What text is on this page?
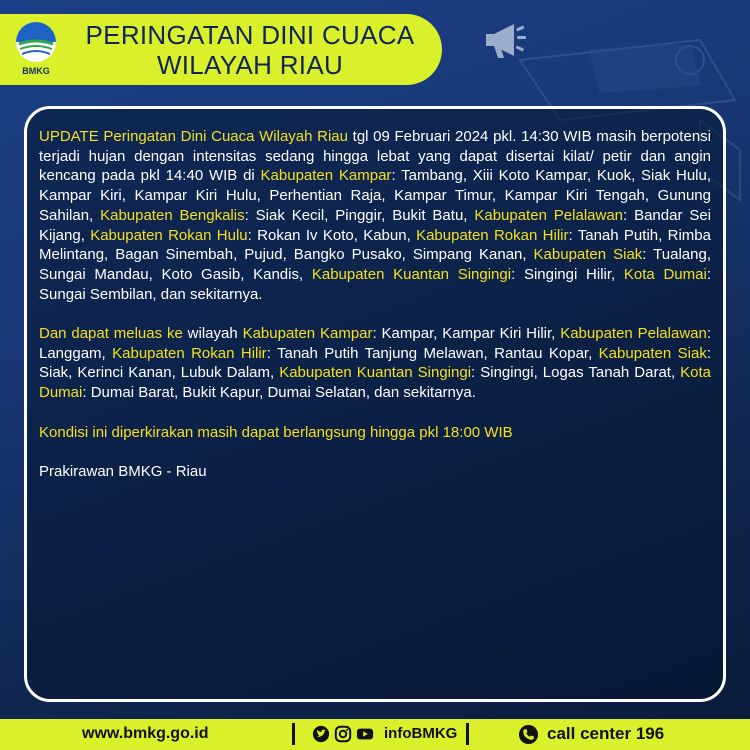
BMKG
PERINGATAN DINI CUACA
WILAYAH RIAU

UPDATE Peringatan Dini Cuaca Wilayah Riau tgl 09 Februari 2024 pkl. 14:30 WIB masih berpotensi terjadi hujan dengan intensitas sedang hingga lebat yang dapat disertai kilat/ petir dan angin kencang pada pkl 14:40 WIB di Kabupaten Kampar: Tambang, Xiii Koto Kampar, Kuok, Siak Hulu, Kampar Kiri, Kampar Kiri Hulu, Perhentian Raja, Kampar Timur, Kampar Kiri Tengah, Gunung Sahilan, Kabupaten Bengkalis: Siak Kecil, Pinggir, Bukit Batu, Kabupaten Pelalawan: Bandar Sei Kijang, Kabupaten Rokan Hulu: Rokan Iv Koto, Kabun, Kabupaten Rokan Hilir: Tanah Putih, Rimba Melintang, Bagan Sinembah, Pujud, Bangko Pusako, Simpang Kanan, Kabupaten Siak: Tualang, Sungai Mandau, Koto Gasib, Kandis, Kabupaten Kuantan Singingi: Singingi Hilir, Kota Dumai: Sungai Sembilan, dan sekitarnya.

Dan dapat meluas ke wilayah Kabupaten Kampar: Kampar, Kampar Kiri Hilir, Kabupaten Pelalawan: Langgam, Kabupaten Rokan Hilir: Tanah Putih Tanjung Melawan, Rantau Kopar, Kabupaten Siak: Siak, Kerinci Kanan, Lubuk Dalam, Kabupaten Kuantan Singingi: Singingi, Logas Tanah Darat, Kota Dumai: Dumai Barat, Bukit Kapur, Dumai Selatan, dan sekitarnya.

Kondisi ini diperkirakan masih dapat berlangsung hingga pkl 18:00 WIB

Prakirawan BMKG - Riau

www.bmkg.go.id	infoBMKG	call center 196
